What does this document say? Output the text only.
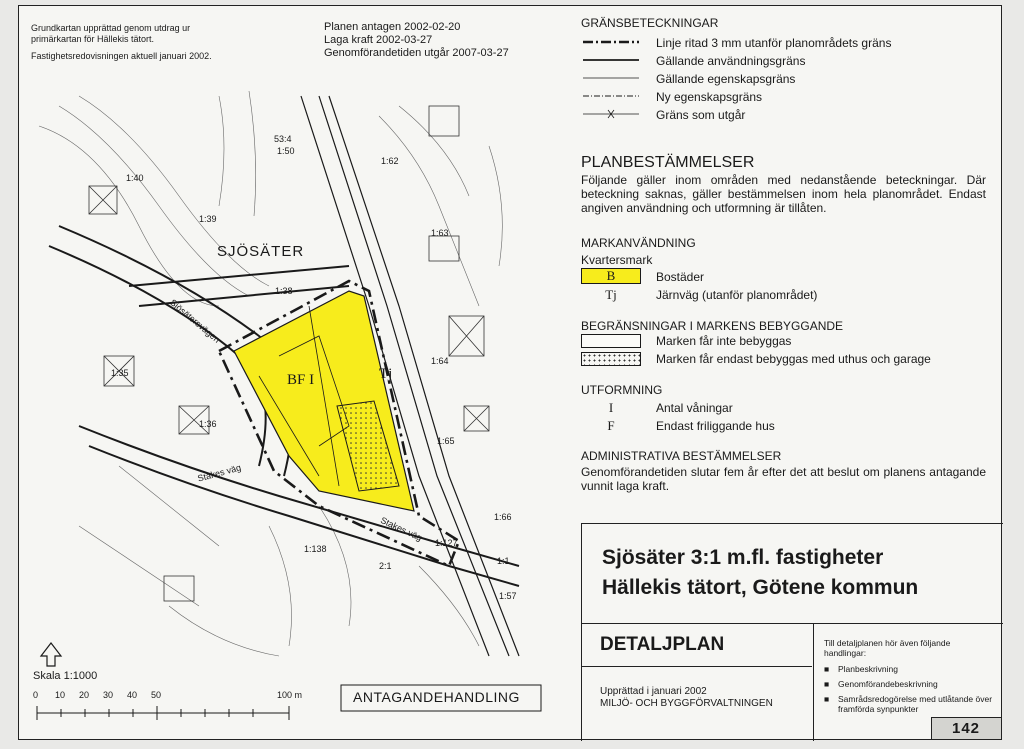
Grundkartan upprättad genom utdrag ur
primärkartan för Hällekis tätort.
Fastighetsredovisningen aktuell januari 2002.
Planen antagen 2002-02-20
Laga kraft 2002-03-27
Genomförandetiden utgår 2007-03-27
SJÖSÄTER
Sjösätersvägen
Stakes väg
Stakes väg
BF I	Tj
1:40
1:39
1:38
1:36
1:35
1:50
1:62
1:63
1:64
1:65
1:66
1:127
1:138
2:1	1:1
1:57
53:4
Skala 1:1000
0 10 20 30 40 50	100 m	ANTAGANDEHANDLING
GRÄNSBETECKNINGAR
Linje ritad 3 mm utanför planområdets gräns
Gällande användningsgräns
Gällande egenskapsgräns
Ny egenskapsgräns
Gräns som utgår
PLANBESTÄMMELSER
Följande gäller inom områden med nedanstående beteckningar. Där beteckning saknas, gäller bestämmelsen inom hela planområdet. Endast angiven användning och utformning är tillåten.
MARKANVÄNDNING
Kvartersmark
B	Bostäder
Tj	Järnväg (utanför planområdet)
BEGRÄNSNINGAR I MARKENS BEBYGGANDE
Marken får inte bebyggas
Marken får endast bebyggas med uthus och garage
UTFORMNING
I	Antal våningar
F	Endast friliggande hus
ADMINISTRATIVA BESTÄMMELSER
Genomförandetiden slutar fem år efter det att beslut om planens antagande vunnit laga kraft.
Sjösäter 3:1 m.fl. fastigheter
Hällekis tätort, Götene kommun
DETALJPLAN
Upprättad i januari 2002
MILJÖ- OCH BYGGFÖRVALTNINGEN
Till detaljplanen hör även följande handlingar:
■ Planbeskrivning
■ Genomförandebeskrivning
■ Samrådsredogörelse med utlåtande över framförda synpunkter
142
